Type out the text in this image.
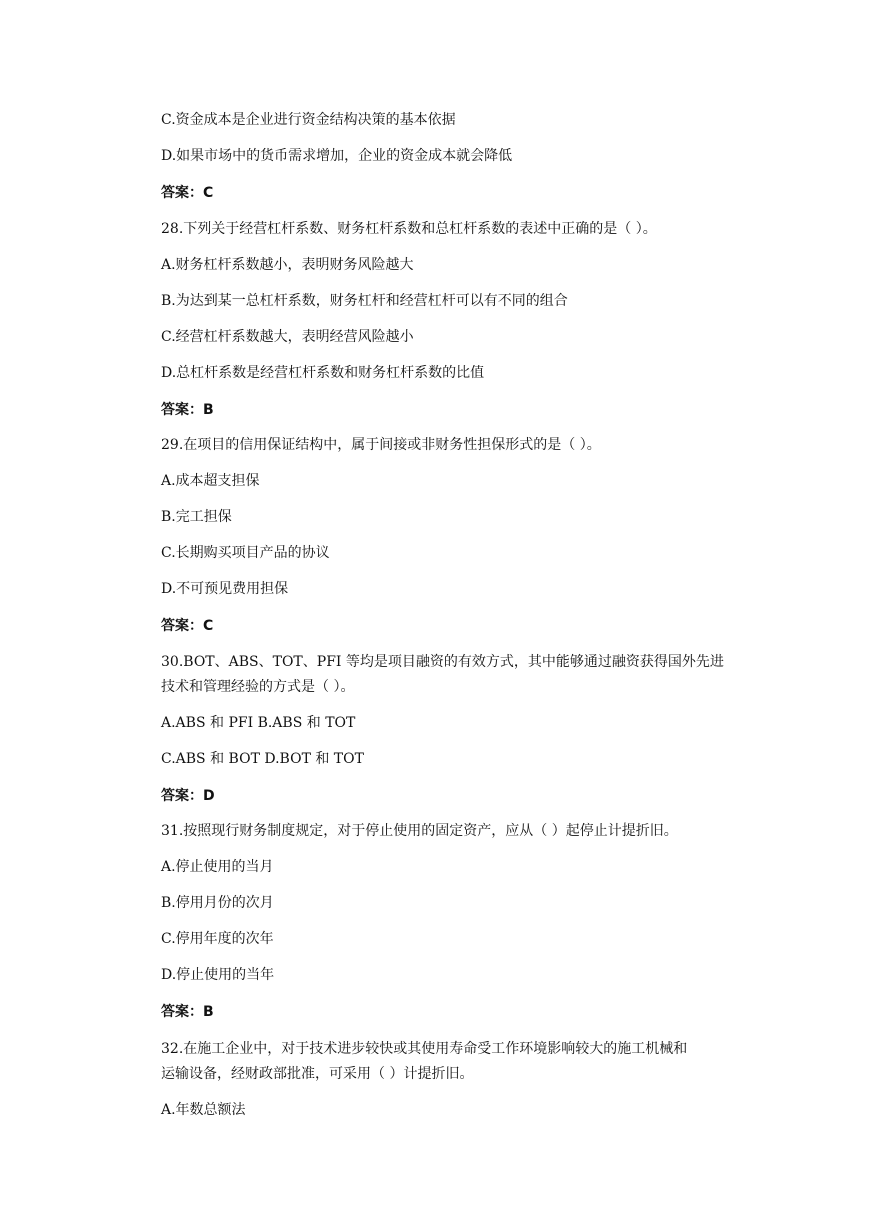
C.资金成本是企业进行资金结构决策的基本依据
D.如果市场中的货币需求增加，企业的资金成本就会降低
答案：C
28.下列关于经营杠杆系数、财务杠杆系数和总杠杆系数的表述中正确的是（ ）。
A.财务杠杆系数越小，表明财务风险越大
B.为达到某一总杠杆系数，财务杠杆和经营杠杆可以有不同的组合
C.经营杠杆系数越大，表明经营风险越小
D.总杠杆系数是经营杠杆系数和财务杠杆系数的比值
答案：B
29.在项目的信用保证结构中，属于间接或非财务性担保形式的是（ ）。
A.成本超支担保
B.完工担保
C.长期购买项目产品的协议
D.不可预见费用担保
答案：C
30.BOT、ABS、TOT、PFI 等均是项目融资的有效方式，其中能够通过融资获得国外先进
技术和管理经验的方式是（ ）。
A.ABS 和 PFI B.ABS 和 TOT
C.ABS 和 BOT D.BOT 和 TOT
答案：D
31.按照现行财务制度规定，对于停止使用的固定资产，应从（ ）起停止计提折旧。
A.停止使用的当月
B.停用月份的次月
C.停用年度的次年
D.停止使用的当年
答案：B
32.在施工企业中，对于技术进步较快或其使用寿命受工作环境影响较大的施工机械和
运输设备，经财政部批准，可采用（ ）计提折旧。
A.年数总额法
